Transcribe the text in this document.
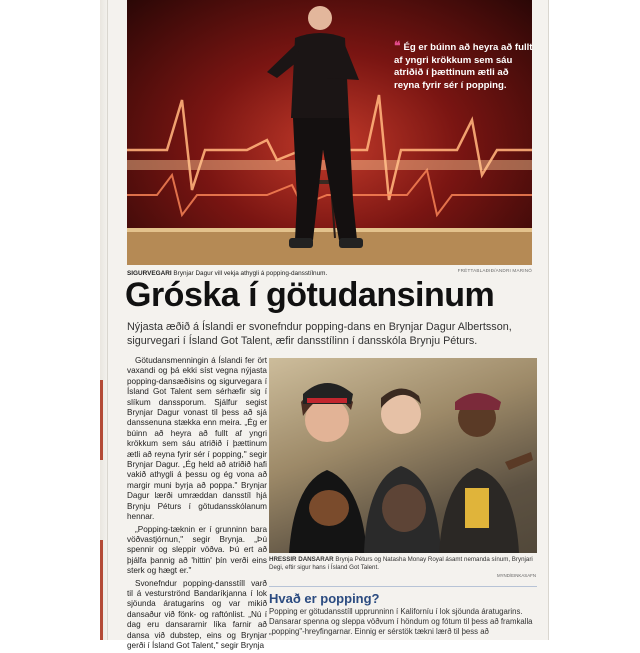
❝ Ég er búinn að heyra að fullt af yngri krökkum sem sáu atriðið í þættinum ætli að reyna fyrir sér í popping.
SIGURVEGARI Brynjar Dagur vill vekja athygli á popping-dansstílnum.	FRÉTTABLAÐIÐ/ANDRI MARINÓ
Gróska í götudansinum
Nýjasta æðið á Íslandi er svonefndur popping-dans en Brynjar Dagur Albertsson, sigurvegari í Ísland Got Talent, æfir dansstílinn í dansskóla Brynju Péturs.

Götudansmenningin á Íslandi fer ört vaxandi og þá ekki síst vegna nýjasta popping-dansæðisins og sigurvegara í Ísland Got Talent sem sérhæfir sig í slíkum danssporum. Sjálfur segist Brynjar Dagur vonast til þess að sjá danssenuna stækka enn meira. „Ég er búinn að heyra að fullt af yngri krökkum sem sáu atriðið í þættinum ætli að reyna fyrir sér í popping," segir Brynjar Dagur. „Ég held að atriðið hafi vakið athygli á þessu og ég vona að margir muni byrja að poppa." Brynjar Dagur lærði umræddan dansstíl hjá Brynju Péturs í götudansskólanum hennar.

„Popping-tæknin er í grunninn bara vöðvastjórnun," segir Brynja. „Þú spennir og sleppir vöðva. Þú ert að þjálfa þannig að 'hittin' þín verði eins sterk og hægt er."

Svonefndur popping-dansstíll varð til á vesturströnd Bandaríkjanna í lok sjöunda áratugarins og var mikið dansaður við fönk- og raftónlist. „Nú í dag eru dansararnir líka farnir að dansa við dubstep, eins og Brynjar gerði í Ísland Got Talent," segir Brynja

HRESSIR DANSARAR Brynja Péturs og Natasha Monay Royal ásamt nemanda sínum, Brynjari Degi, eftir sigur hans í Ísland Got Talent.
MYND/EINKASAFN
Hvað er popping?
Popping er götudansstíll upprunninn í Kaliforníu í lok sjöunda áratugarins. Dansarar spenna og sleppa vöðvum í höndum og fótum til þess að framkalla „popping"-hreyfingarnar. Einnig er sérstök tækni lærð til þess að
